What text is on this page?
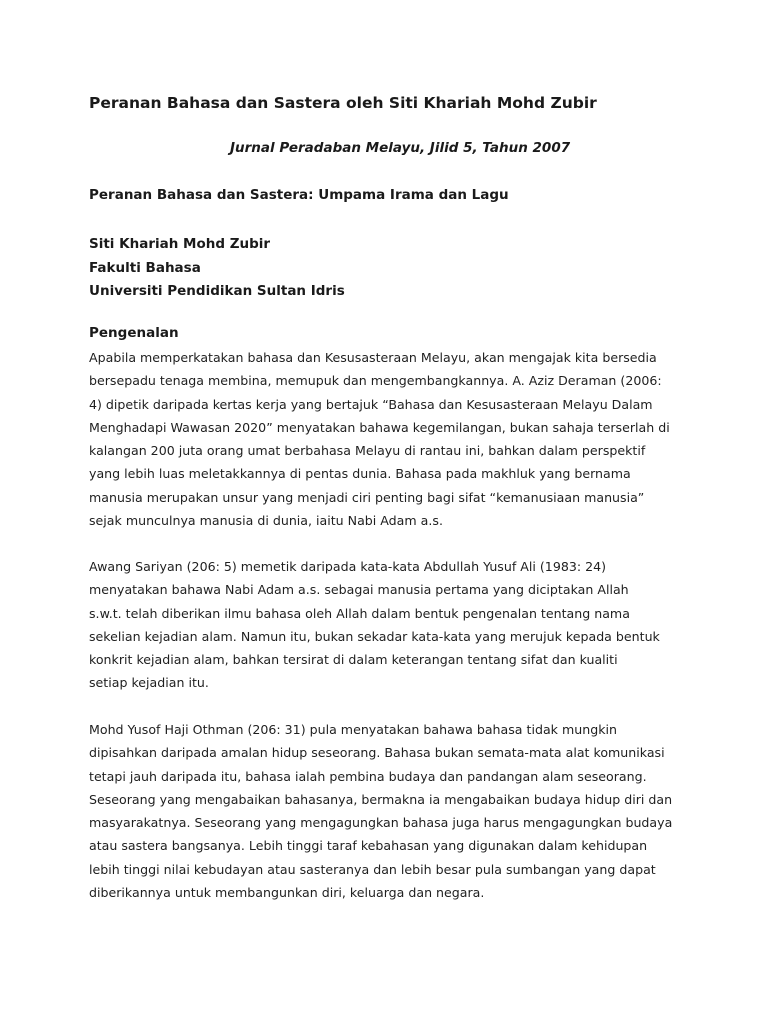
Peranan Bahasa dan Sastera oleh Siti Khariah Mohd Zubir
Jurnal Peradaban Melayu, Jilid 5, Tahun 2007
Peranan Bahasa dan Sastera: Umpama Irama dan Lagu
Siti Khariah Mohd Zubir
Fakulti Bahasa
Universiti Pendidikan Sultan Idris
Pengenalan
Apabila memperkatakan bahasa dan Kesusasteraan Melayu, akan mengajak kita bersedia
bersepadu tenaga membina, memupuk dan mengembangkannya. A. Aziz Deraman (2006:
4) dipetik daripada kertas kerja yang bertajuk “Bahasa dan Kesusasteraan Melayu Dalam
Menghadapi Wawasan 2020” menyatakan bahawa kegemilangan, bukan sahaja terserlah di
kalangan 200 juta orang umat berbahasa Melayu di rantau ini, bahkan dalam perspektif
yang lebih luas meletakkannya di pentas dunia. Bahasa pada makhluk yang bernama
manusia merupakan unsur yang menjadi ciri penting bagi sifat “kemanusiaan manusia”
sejak munculnya manusia di dunia, iaitu Nabi Adam a.s.
Awang Sariyan (206: 5) memetik daripada kata-kata Abdullah Yusuf Ali (1983: 24)
menyatakan bahawa Nabi Adam a.s. sebagai manusia pertama yang diciptakan Allah
s.w.t. telah diberikan ilmu bahasa oleh Allah dalam bentuk pengenalan tentang nama
sekelian kejadian alam. Namun itu, bukan sekadar kata-kata yang merujuk kepada bentuk
konkrit kejadian alam, bahkan tersirat di dalam keterangan tentang sifat dan kualiti
setiap kejadian itu.
Mohd Yusof Haji Othman (206: 31) pula menyatakan bahawa bahasa tidak mungkin
dipisahkan daripada amalan hidup seseorang. Bahasa bukan semata-mata alat komunikasi
tetapi jauh daripada itu, bahasa ialah pembina budaya dan pandangan alam seseorang.
Seseorang yang mengabaikan bahasanya, bermakna ia mengabaikan budaya hidup diri dan
masyarakatnya. Seseorang yang mengagungkan bahasa juga harus mengagungkan budaya
atau sastera bangsanya. Lebih tinggi taraf kebahasan yang digunakan dalam kehidupan
lebih tinggi nilai kebudayan atau sasteranya dan lebih besar pula sumbangan yang dapat
diberikannya untuk membangunkan diri, keluarga dan negara.
